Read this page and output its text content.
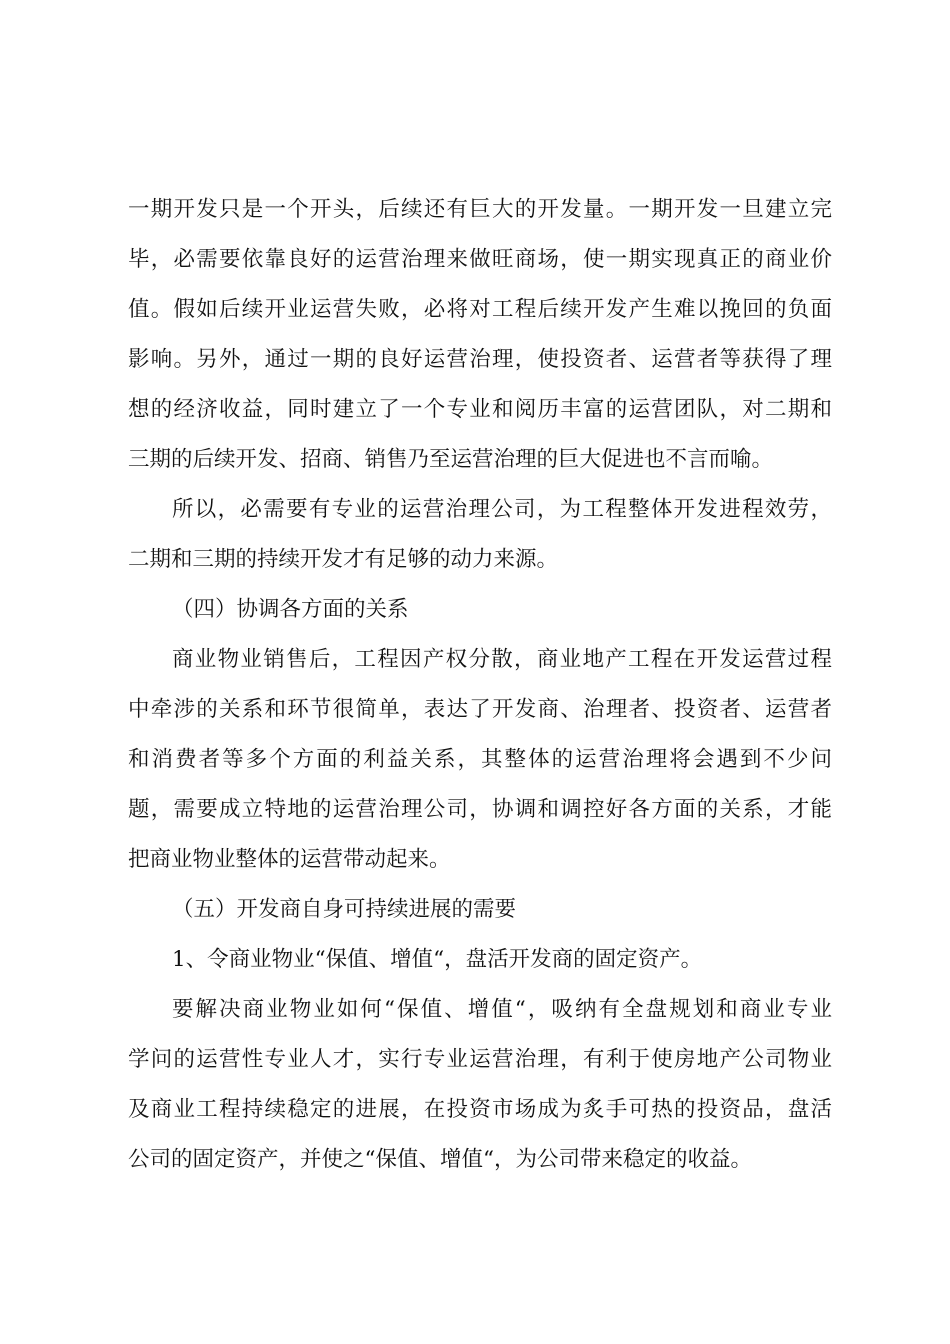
一期开发只是一个开头，后续还有巨大的开发量。一期开发一旦建立完
毕，必需要依靠良好的运营治理来做旺商场，使一期实现真正的商业价
值。假如后续开业运营失败，必将对工程后续开发产生难以挽回的负面
影响。另外，通过一期的良好运营治理，使投资者、运营者等获得了理
想的经济收益，同时建立了一个专业和阅历丰富的运营团队，对二期和
三期的后续开发、招商、销售乃至运营治理的巨大促进也不言而喻。
所以，必需要有专业的运营治理公司，为工程整体开发进程效劳，
二期和三期的持续开发才有足够的动力来源。
（四）协调各方面的关系
商业物业销售后，工程因产权分散，商业地产工程在开发运营过程
中牵涉的关系和环节很简单，表达了开发商、治理者、投资者、运营者
和消费者等多个方面的利益关系，其整体的运营治理将会遇到不少问
题，需要成立特地的运营治理公司，协调和调控好各方面的关系，才能
把商业物业整体的运营带动起来。
（五）开发商自身可持续进展的需要
1、令商业物业“保值、增值“，盘活开发商的固定资产。
要解决商业物业如何“保值、增值“，吸纳有全盘规划和商业专业
学问的运营性专业人才，实行专业运营治理，有利于使房地产公司物业
及商业工程持续稳定的进展，在投资市场成为炙手可热的投资品，盘活
公司的固定资产，并使之“保值、增值“，为公司带来稳定的收益。
